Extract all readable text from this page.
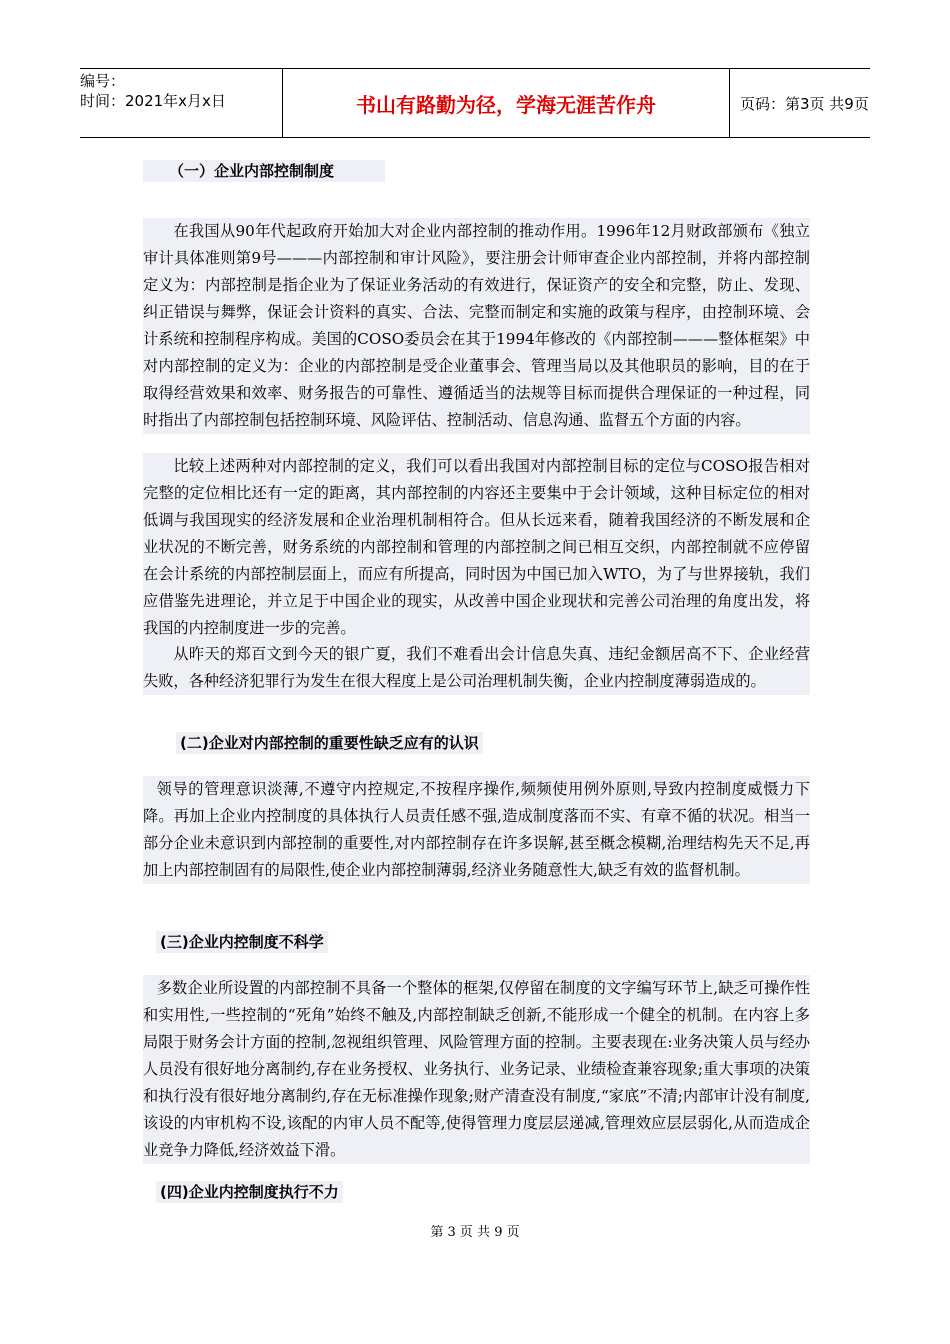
编号：
时间：2021年x月x日	书山有路勤为径，学海无涯苦作舟	页码：第3页 共9页
（一）企业内部控制制度

在我国从90年代起政府开始加大对企业内部控制的推动作用。1996年12月财政部颁布《独立审计具体准则第9号———内部控制和审计风险》，要注册会计师审查企业内部控制，并将内部控制定义为：内部控制是指企业为了保证业务活动的有效进行，保证资产的安全和完整，防止、发现、纠正错误与舞弊，保证会计资料的真实、合法、完整而制定和实施的政策与程序，由控制环境、会计系统和控制程序构成。美国的COSO委员会在其于1994年修改的《内部控制———整体框架》中对内部控制的定义为：企业的内部控制是受企业董事会、管理当局以及其他职员的影响，目的在于取得经营效果和效率、财务报告的可靠性、遵循适当的法规等目标而提供合理保证的一种过程，同时指出了内部控制包括控制环境、风险评估、控制活动、信息沟通、监督五个方面的内容。

比较上述两种对内部控制的定义，我们可以看出我国对内部控制目标的定位与COSO报告相对完整的定位相比还有一定的距离，其内部控制的内容还主要集中于会计领域，这种目标定位的相对低调与我国现实的经济发展和企业治理机制相符合。但从长远来看，随着我国经济的不断发展和企业状况的不断完善，财务系统的内部控制和管理的内部控制之间已相互交织，内部控制就不应停留在会计系统的内部控制层面上，而应有所提高，同时因为中国已加入WTO，为了与世界接轨，我们应借鉴先进理论，并立足于中国企业的现实，从改善中国企业现状和完善公司治理的角度出发，将我国的内控制度进一步的完善。

从昨天的郑百文到今天的银广夏，我们不难看出会计信息失真、违纪金额居高不下、企业经营失败，各种经济犯罪行为发生在很大程度上是公司治理机制失衡，企业内控制度薄弱造成的。

(二)企业对内部控制的重要性缺乏应有的认识

领导的管理意识淡薄,不遵守内控规定,不按程序操作,频频使用例外原则,导致内控制度威慑力下降。再加上企业内控制度的具体执行人员责任感不强,造成制度落而不实、有章不循的状况。相当一部分企业未意识到内部控制的重要性,对内部控制存在许多误解,甚至概念模糊,治理结构先天不足,再加上内部控制固有的局限性,使企业内部控制薄弱,经济业务随意性大,缺乏有效的监督机制。

(三)企业内控制度不科学

多数企业所设置的内部控制不具备一个整体的框架,仅停留在制度的文字编写环节上,缺乏可操作性和实用性,一些控制的“死角”始终不触及,内部控制缺乏创新,不能形成一个健全的机制。在内容上多局限于财务会计方面的控制,忽视组织管理、风险管理方面的控制。主要表现在:业务决策人员与经办人员没有很好地分离制约,存在业务授权、业务执行、业务记录、业绩检查兼容现象;重大事项的决策和执行没有很好地分离制约,存在无标准操作现象;财产清查没有制度,“家底”不清;内部审计没有制度,该设的内审机构不设,该配的内审人员不配等,使得管理力度层层递减,管理效应层层弱化,从而造成企业竞争力降低,经济效益下滑。

(四)企业内控制度执行不力
第 3 页 共 9 页
